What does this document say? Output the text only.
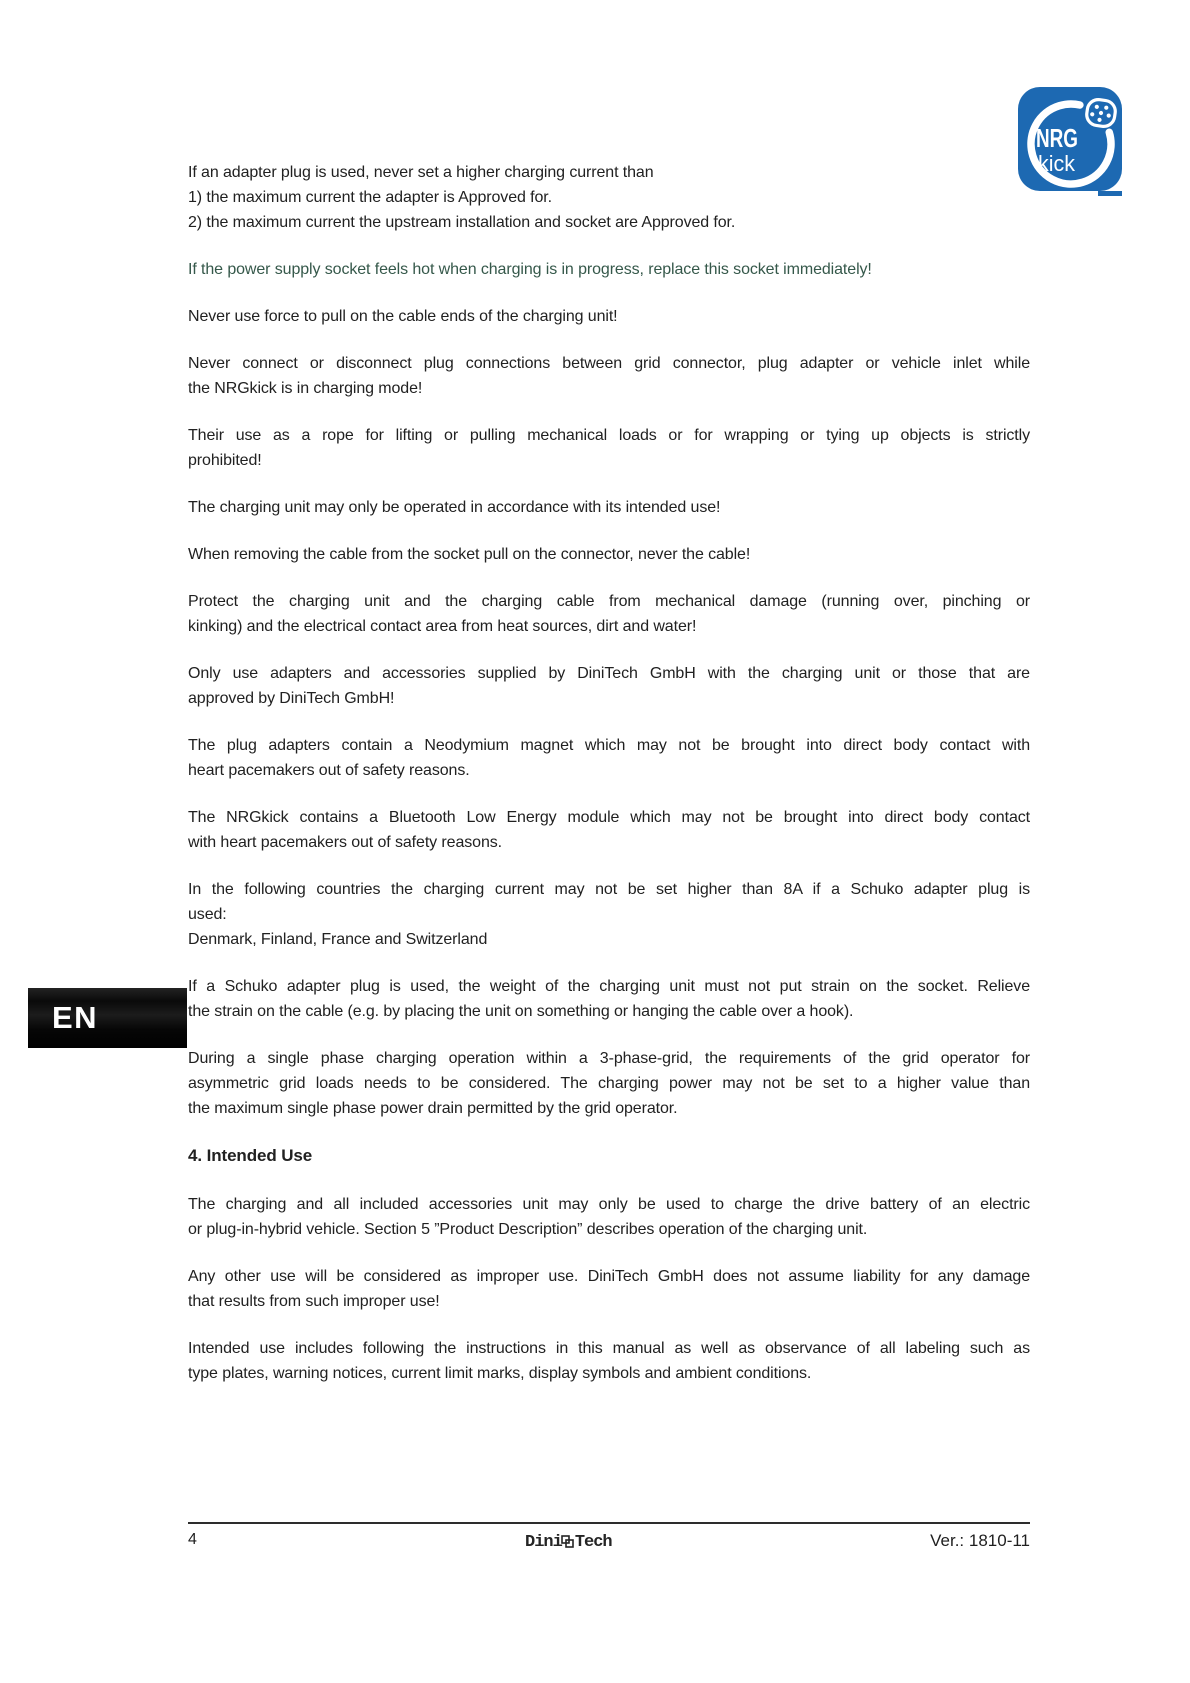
NRG
kick

If an adapter plug is used, never set a higher charging current than
1) the maximum current the adapter is Approved for.
2) the maximum current the upstream installation and socket are Approved for.

If the power supply socket feels hot when charging is in progress, replace this socket immediately!

Never use force to pull on the cable ends of the charging unit!

Never connect or disconnect plug connections between grid connector, plug adapter or vehicle inlet while
the NRGkick is in charging mode!

Their use as a rope for lifting or pulling mechanical loads or for wrapping or tying up objects is strictly
prohibited!

The charging unit may only be operated in accordance with its intended use!

When removing the cable from the socket pull on the connector, never the cable!

Protect the charging unit and the charging cable from mechanical damage (running over, pinching or
kinking) and the electrical contact area from heat sources, dirt and water!

Only use adapters and accessories supplied by DiniTech GmbH with the charging unit or those that are
approved by DiniTech GmbH!

The plug adapters contain a Neodymium magnet which may not be brought into direct body contact with
heart pacemakers out of safety reasons.

The NRGkick contains a Bluetooth Low Energy module which may not be brought into direct body contact
with heart pacemakers out of safety reasons.

In the following countries the charging current may not be set higher than 8A if a Schuko adapter plug is
used:
Denmark, Finland, France and Switzerland

If a Schuko adapter plug is used, the weight of the charging unit must not put strain on the socket. Relieve
the strain on the cable (e.g. by placing the unit on something or hanging the cable over a hook).

During a single phase charging operation within a 3-phase-grid, the requirements of the grid operator for
asymmetric grid loads needs to be considered. The charging power may not be set to a higher value than
the maximum single phase power drain permitted by the grid operator.

4. Intended Use

The charging and all included accessories unit may only be used to charge the drive battery of an electric
or plug-in-hybrid vehicle. Section 5 ”Product Description” describes operation of the charging unit.

Any other use will be considered as improper use. DiniTech GmbH does not assume liability for any damage
that results from such improper use!

Intended use includes following the instructions in this manual as well as observance of all labeling such as
type plates, warning notices, current limit marks, display symbols and ambient conditions.

EN
4	Dini Tech	Ver.: 1810-11
